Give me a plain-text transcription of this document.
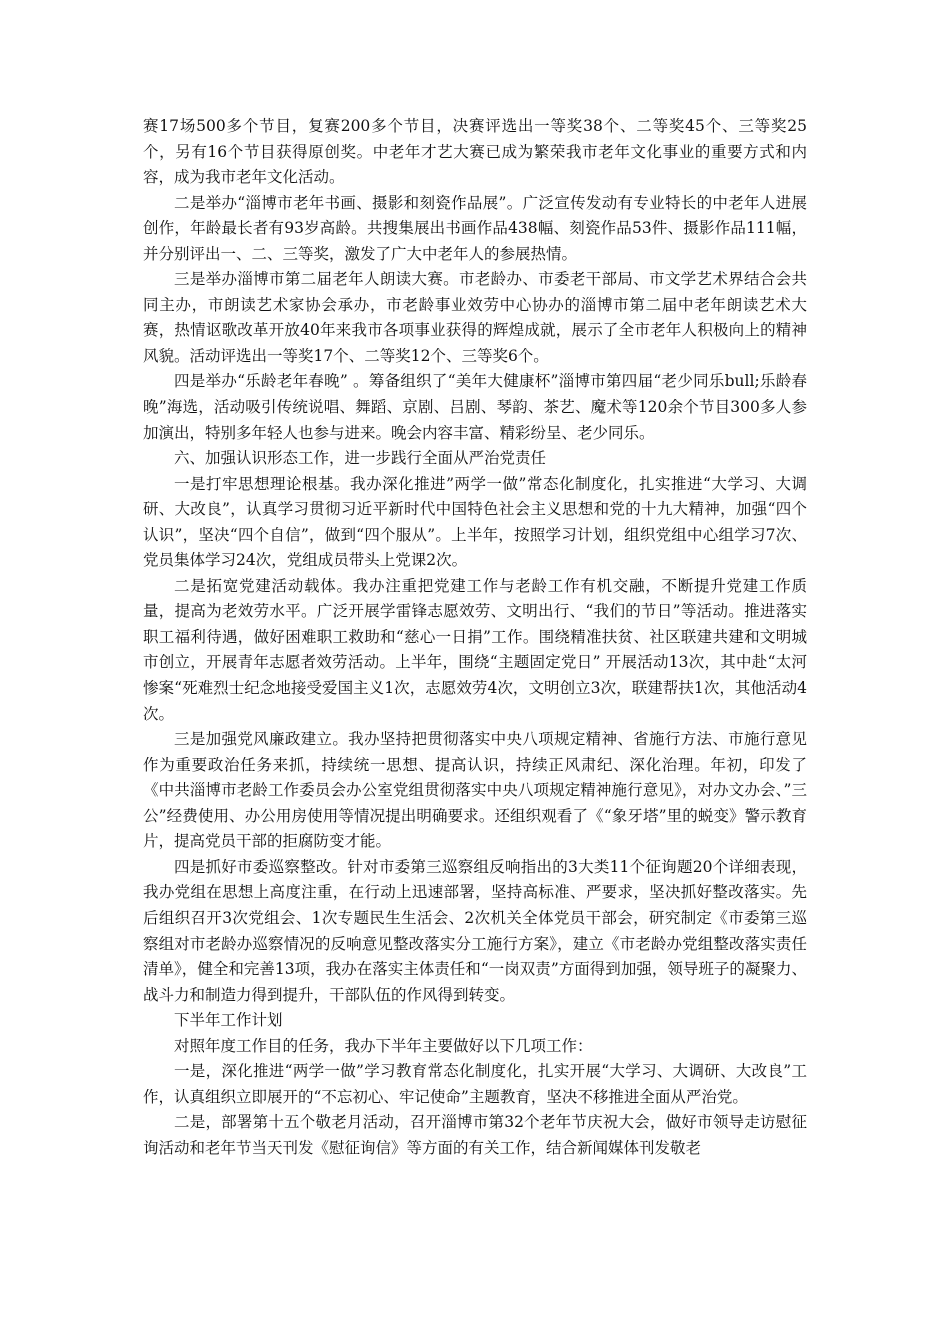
赛17场500多个节目，复赛200多个节目，决赛评选出一等奖38个、二等奖45个、三等奖25个，另有16个节目获得原创奖。中老年才艺大赛已成为繁荣我市老年文化事业的重要方式和内容，成为我市老年文化活动。

二是举办“淄博市老年书画、摄影和刻瓷作品展”。广泛宣传发动有专业特长的中老年人进展创作，年龄最长者有93岁高龄。共搜集展出书画作品438幅、刻瓷作品53件、摄影作品111幅，并分别评出一、二、三等奖，激发了广大中老年人的参展热情。

三是举办淄博市第二届老年人朗读大赛。市老龄办、市委老干部局、市文学艺术界结合会共同主办，市朗读艺术家协会承办，市老龄事业效劳中心协办的淄博市第二届中老年朗读艺术大赛，热情讴歌改革开放40年来我市各项事业获得的辉煌成就，展示了全市老年人积极向上的精神风貌。活动评选出一等奖17个、二等奖12个、三等奖6个。

四是举办“乐龄老年春晚” 。筹备组织了“美年大健康杯”淄博市第四届“老少同乐bull;乐龄春晚”海选，活动吸引传统说唱、舞蹈、京剧、吕剧、琴韵、茶艺、魔术等120余个节目300多人参加演出，特别多年轻人也参与进来。晚会内容丰富、精彩纷呈、老少同乐。

六、加强认识形态工作，进一步践行全面从严治党责任

一是打牢思想理论根基。我办深化推进”两学一做”常态化制度化，扎实推进“大学习、大调研、大改良”，认真学习贯彻习近平新时代中国特色社会主义思想和党的十九大精神，加强“四个认识”，坚决“四个自信”，做到“四个服从”。上半年，按照学习计划，组织党组中心组学习7次、党员集体学习24次，党组成员带头上党课2次。

二是拓宽党建活动载体。我办注重把党建工作与老龄工作有机交融，不断提升党建工作质量，提高为老效劳水平。广泛开展学雷锋志愿效劳、文明出行、“我们的节日”等活动。推进落实职工福利待遇，做好困难职工救助和“慈心一日捐”工作。围绕精准扶贫、社区联建共建和文明城市创立，开展青年志愿者效劳活动。上半年，围绕“主题固定党日” 开展活动13次，其中赴“太河惨案“死难烈士纪念地接受爱国主义1次，志愿效劳4次，文明创立3次，联建帮扶1次，其他活动4次。

三是加强党风廉政建立。我办坚持把贯彻落实中央八项规定精神、省施行方法、市施行意见作为重要政治任务来抓，持续统一思想、提高认识，持续正风肃纪、深化治理。年初，印发了《中共淄博市老龄工作委员会办公室党组贯彻落实中央八项规定精神施行意见》，对办文办会、”三公”经费使用、办公用房使用等情况提出明确要求。还组织观看了《“象牙塔”里的蜕变》警示教育片，提高党员干部的拒腐防变才能。

四是抓好市委巡察整改。针对市委第三巡察组反响指出的3大类11个征询题20个详细表现，我办党组在思想上高度注重，在行动上迅速部署，坚持高标准、严要求，坚决抓好整改落实。先后组织召开3次党组会、1次专题民生生活会、2次机关全体党员干部会，研究制定《市委第三巡察组对市老龄办巡察情况的反响意见整改落实分工施行方案》，建立《市老龄办党组整改落实责任清单》，健全和完善13项，我办在落实主体责任和“一岗双责”方面得到加强，领导班子的凝聚力、战斗力和制造力得到提升，干部队伍的作风得到转变。

下半年工作计划

对照年度工作目的任务，我办下半年主要做好以下几项工作：

一是，深化推进“两学一做”学习教育常态化制度化，扎实开展“大学习、大调研、大改良”工作，认真组织立即展开的“不忘初心、牢记使命”主题教育，坚决不移推进全面从严治党。

二是，部署第十五个敬老月活动，召开淄博市第32个老年节庆祝大会，做好市领导走访慰征询活动和老年节当天刊发《慰征询信》等方面的有关工作，结合新闻媒体刊发敬老
